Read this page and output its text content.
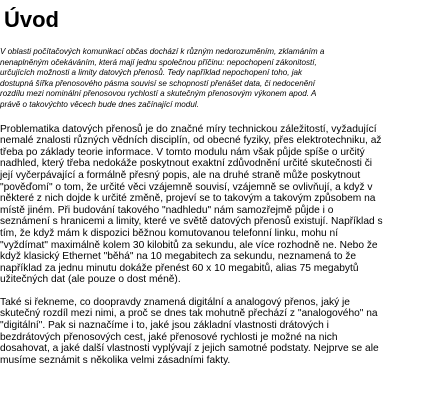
Úvod
V oblasti počítačových komunikací občas dochází k různým nedorozuměním, zklamáním a
nenaplněným očekáváním, která mají jednu společnou příčinu: nepochopení zákonitostí,
určujících možnosti a limity datových přenosů. Tedy například nepochopení toho, jak
dostupná šířka přenosového pásma souvisí se schopností přenášet data, či nedocenění
rozdílu mezi nominální přenosovou rychlostí a skutečným přenosovým výkonem apod. A
právě o takovýchto věcech bude dnes začínající modul.
Problematika datových přenosů je do značné míry technickou záležitostí, vyžadující
nemalé znalosti různých vědních disciplín, od obecné fyziky, přes elektrotechniku, až
třeba po základy teorie informace. V tomto modulu nám však půjde spíše o určitý
nadhled, který třeba nedokáže poskytnout exaktní zdůvodnění určité skutečnosti či
její vyčerpávající a formálně přesný popis, ale na druhé straně může poskytnout
"pověďomí" o tom, že určité věci vzájemně souvisí, vzájemně se ovlivňují, a když v
některé z nich dojde k určité změně, projeví se to takovým a takovým způsobem na
místě jiném. Při budování takového "nadhledu" nám samozřejmě půjde i o
seznámení s hranicemi a limity, které ve světě datových přenosů existují. Například s
tím, že když mám k dispozici běžnou komutovanou telefonní linku, mohu ní
"vyždímat" maximálně kolem 30 kilobitů za sekundu, ale více rozhodně ne. Nebo že
když klasický Ethernet "běhá" na 10 megabitech za sekundu, neznamená to že
například za jednu minutu dokáže přenést 60 x 10 megabitů, alias 75 megabytů
užitečných dat (ale pouze o dost méně).
Také si řekneme, co doopravdy znamená digitální a analogový přenos, jaký je
skutečný rozdíl mezi nimi, a proč se dnes tak mohutně přechází z "analogového" na
"digitální". Pak si naznačíme i to, jaké jsou základní vlastnosti drátových i
bezdrátových přenosových cest, jaké přenosové rychlosti je možné na nich
dosahovat, a jaké další vlastnosti vyplývají z jejich samotné podstaty. Nejprve se ale
musíme seznámit s několika velmi zásadními fakty.
